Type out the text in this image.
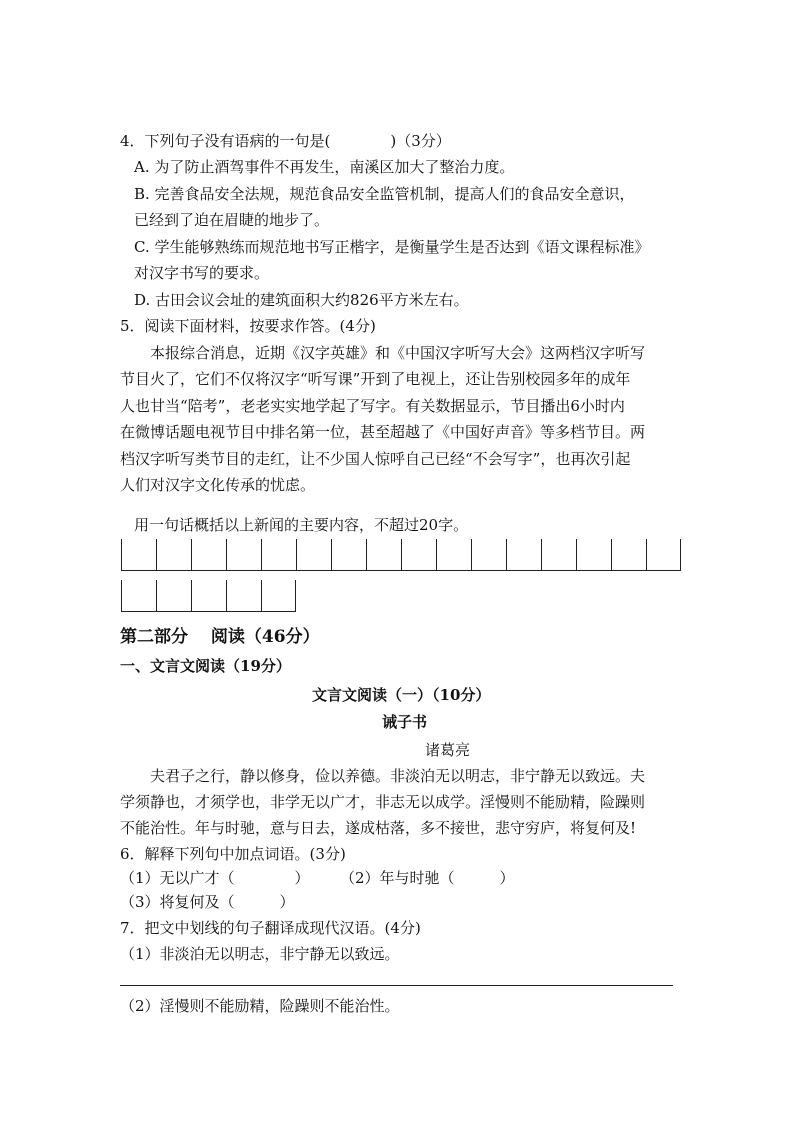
4．下列句子没有语病的一句是(　　　　)（3分）
A. 为了防止酒驾事件不再发生，南溪区加大了整治力度。
B. 完善食品安全法规，规范食品安全监管机制，提高人们的食品安全意识，
已经到了迫在眉睫的地步了。
C. 学生能够熟练而规范地书写正楷字，是衡量学生是否达到《语文课程标准》
对汉字书写的要求。
D. 古田会议会址的建筑面积大约826平方米左右。
5．阅读下面材料，按要求作答。(4分)
本报综合消息，近期《汉字英雄》和《中国汉字听写大会》这两档汉字听写
节目火了，它们不仅将汉字“听写课”开到了电视上，还让告别校园多年的成年
人也甘当“陪考”，老老实实地学起了写字。有关数据显示，节目播出6小时内
在微博话题电视节目中排名第一位，甚至超越了《中国好声音》等多档节目。两
档汉字听写类节目的走红，让不少国人惊呼自己已经“不会写字”，也再次引起
人们对汉字文化传承的忧虑。
用一句话概括以上新闻的主要内容，不超过20字。
第二部分　 阅读（46分）
一、文言文阅读（19分）
文言文阅读（一）（10分）
诫子书
诸葛亮
夫君子之行，静以修身，俭以养德。非淡泊无以明志，非宁静无以致远。夫
学须静也，才须学也，非学无以广才，非志无以成学。淫慢则不能励精，险躁则
不能治性。年与时驰，意与日去，遂成枯落，多不接世，悲守穷庐，将复何及!
6．解释下列句中加点词语。(3分)
（1）无以广才（　　　　） （2）年与时驰（　　　）
（3）将复何及（　　　）
7．把文中划线的句子翻译成现代汉语。(4分)
（1）非淡泊无以明志，非宁静无以致远。
（2）淫慢则不能励精，险躁则不能治性。
